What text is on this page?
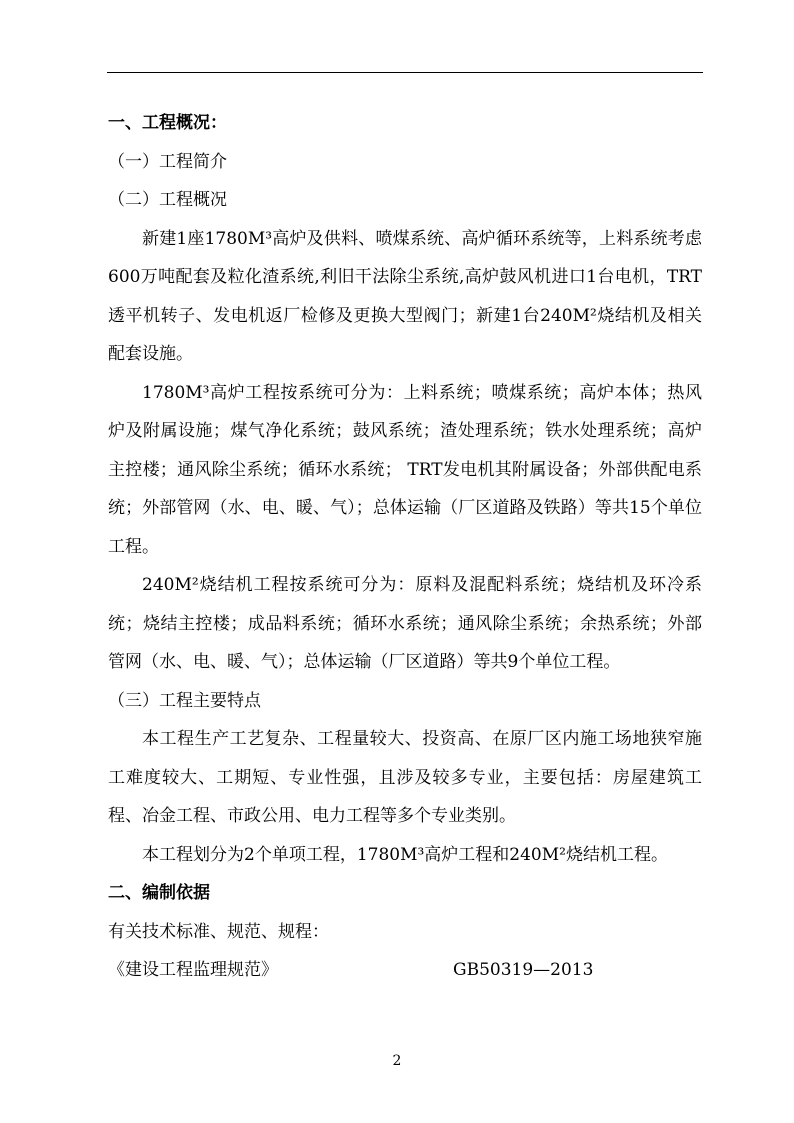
一、工程概况：

（一）工程简介

（二）工程概况

新建1座1780M³高炉及供料、喷煤系统、高炉循环系统等，上料系统考虑600万吨配套及粒化渣系统,利旧干法除尘系统,高炉鼓风机进口1台电机，TRT透平机转子、发电机返厂检修及更换大型阀门；新建1台240M²烧结机及相关配套设施。

1780M³高炉工程按系统可分为：上料系统；喷煤系统；高炉本体；热风炉及附属设施；煤气净化系统；鼓风系统；渣处理系统；铁水处理系统；高炉主控楼；通风除尘系统；循环水系统； TRT发电机其附属设备；外部供配电系统；外部管网（水、电、暖、气）；总体运输（厂区道路及铁路）等共15个单位工程。

240M²烧结机工程按系统可分为：原料及混配料系统；烧结机及环冷系统；烧结主控楼；成品料系统；循环水系统；通风除尘系统；余热系统；外部管网（水、电、暖、气）；总体运输（厂区道路）等共9个单位工程。

（三）工程主要特点

本工程生产工艺复杂、工程量较大、投资高、在原厂区内施工场地狭窄施工难度较大、工期短、专业性强，且涉及较多专业，主要包括：房屋建筑工程、冶金工程、市政公用、电力工程等多个专业类别。

本工程划分为2个单项工程，1780M³高炉工程和240M²烧结机工程。

二、编制依据

有关技术标准、规范、规程：

《建设工程监理规范》	GB50319—2013

2
